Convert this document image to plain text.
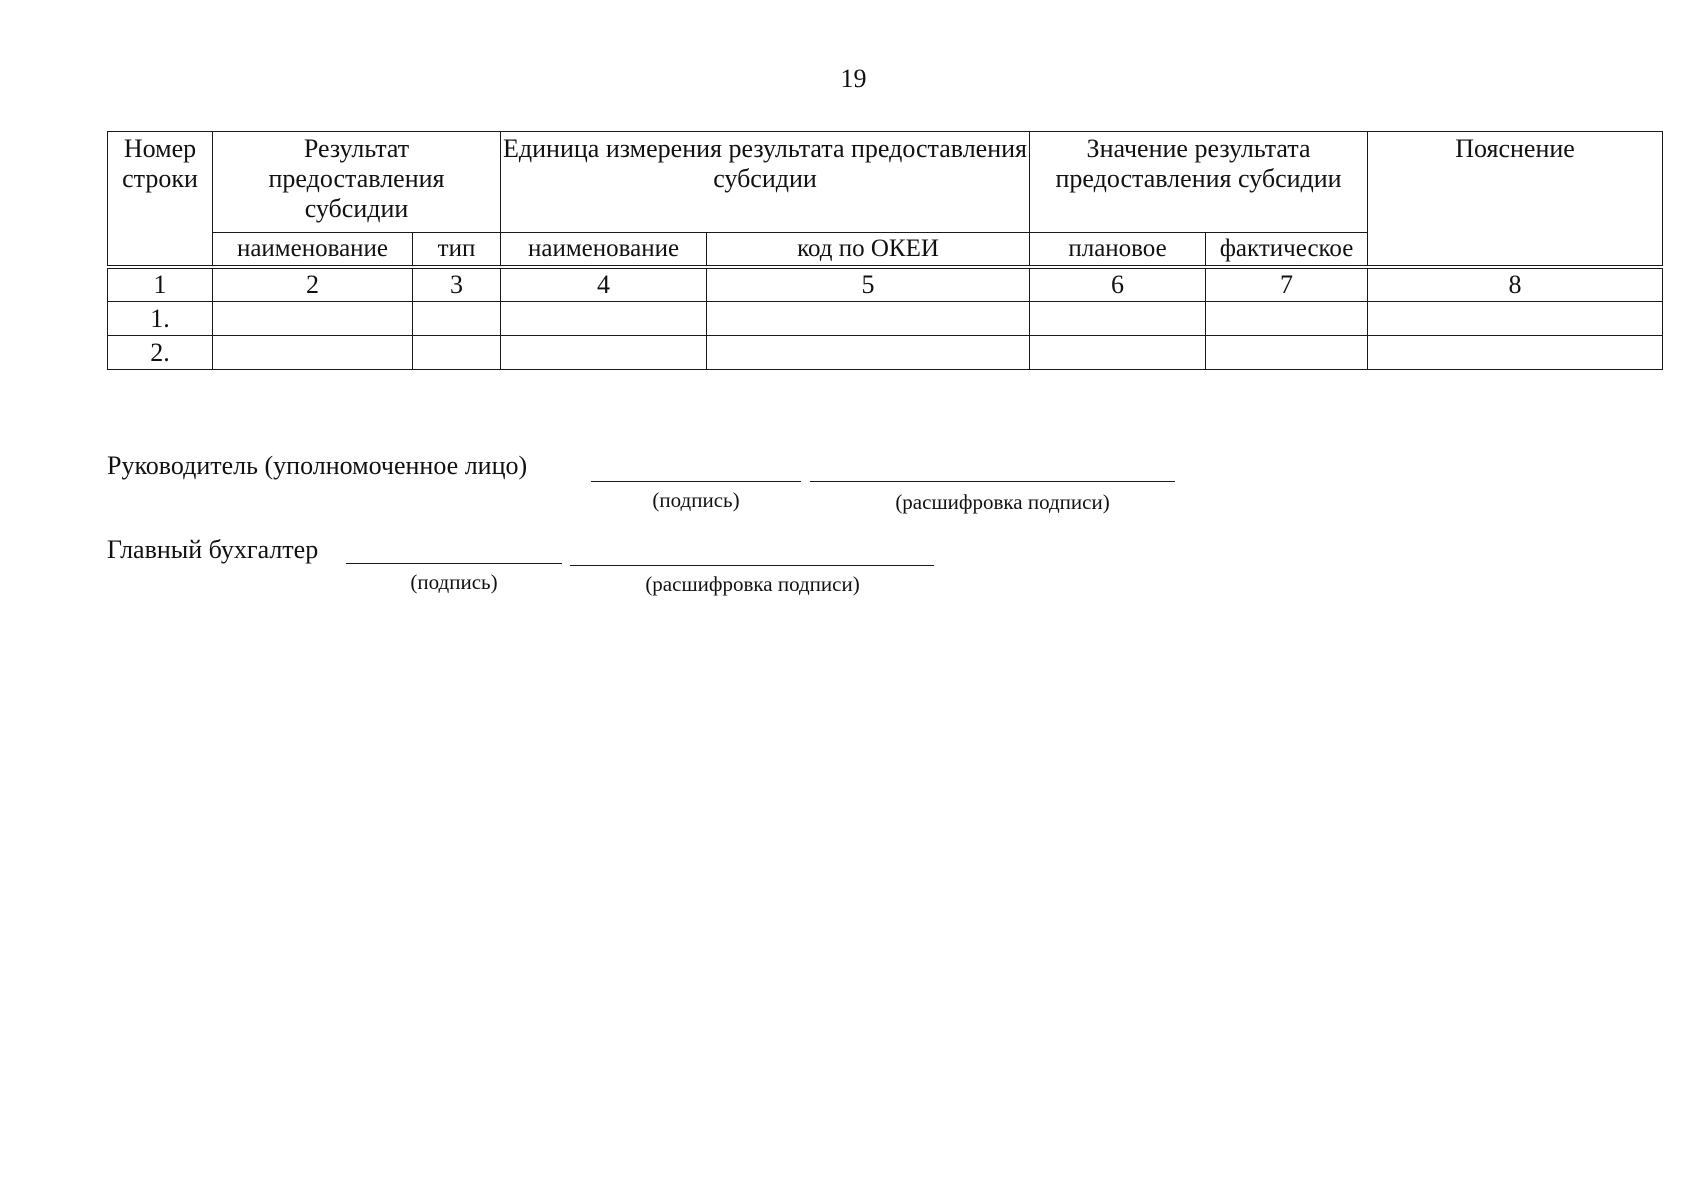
19
Номер строки	Результат предоставления субсидии		Единица измерения результата предоставления субсидии		Значение результата предоставления субсидии		Пояснение
	наименование	тип	наименование	код по ОКЕИ	плановое	фактическое	
1	2	3	4	5	6	7	8
1.							
2.							
Руководитель (уполномоченное лицо)
(подпись)	(расшифровка подписи)
Главный бухгалтер
(подпись)	(расшифровка подписи)
